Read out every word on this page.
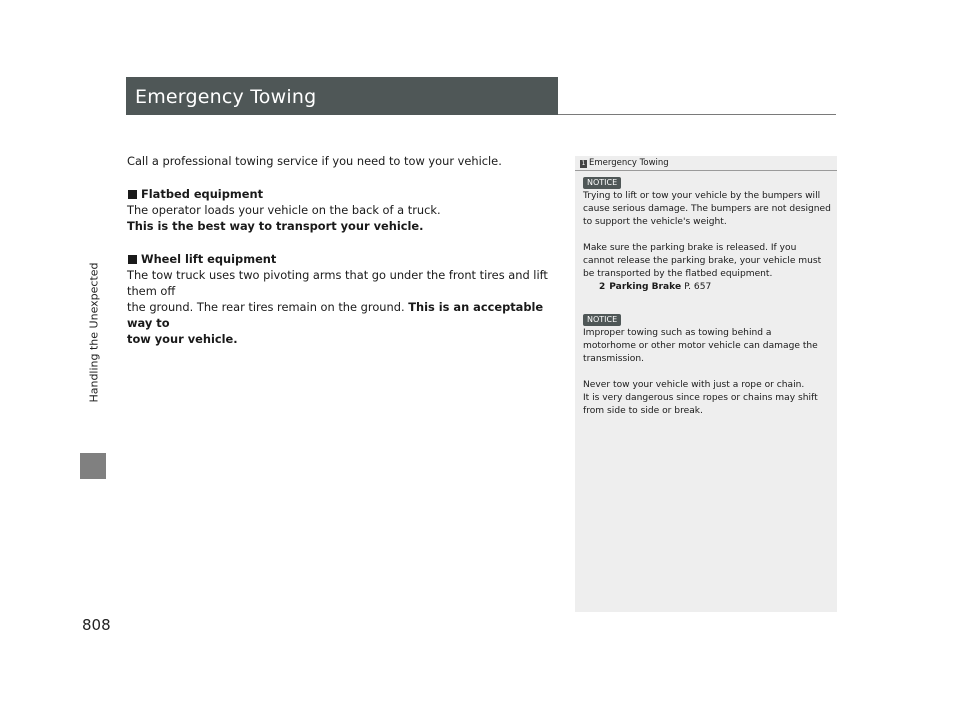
Handling the Unexpected
808
Emergency Towing

Call a professional towing service if you need to tow your vehicle.

Flatbed equipment

The operator loads your vehicle on the back of a truck.

This is the best way to transport your vehicle.

Wheel lift equipment

The tow truck uses two pivoting arms that go under the front tires and lift them off

the ground. The rear tires remain on the ground. This is an acceptable way to

tow your vehicle.

1 Emergency Towing
NOTICE

Trying to lift or tow your vehicle by the bumpers will

cause serious damage. The bumpers are not designed

to support the vehicle's weight.

Make sure the parking brake is released. If you

cannot release the parking brake, your vehicle must

be transported by the flatbed equipment.

2 Parking Brake P. 657

NOTICE

Improper towing such as towing behind a

motorhome or other motor vehicle can damage the

transmission.

Never tow your vehicle with just a rope or chain.

It is very dangerous since ropes or chains may shift

from side to side or break.
